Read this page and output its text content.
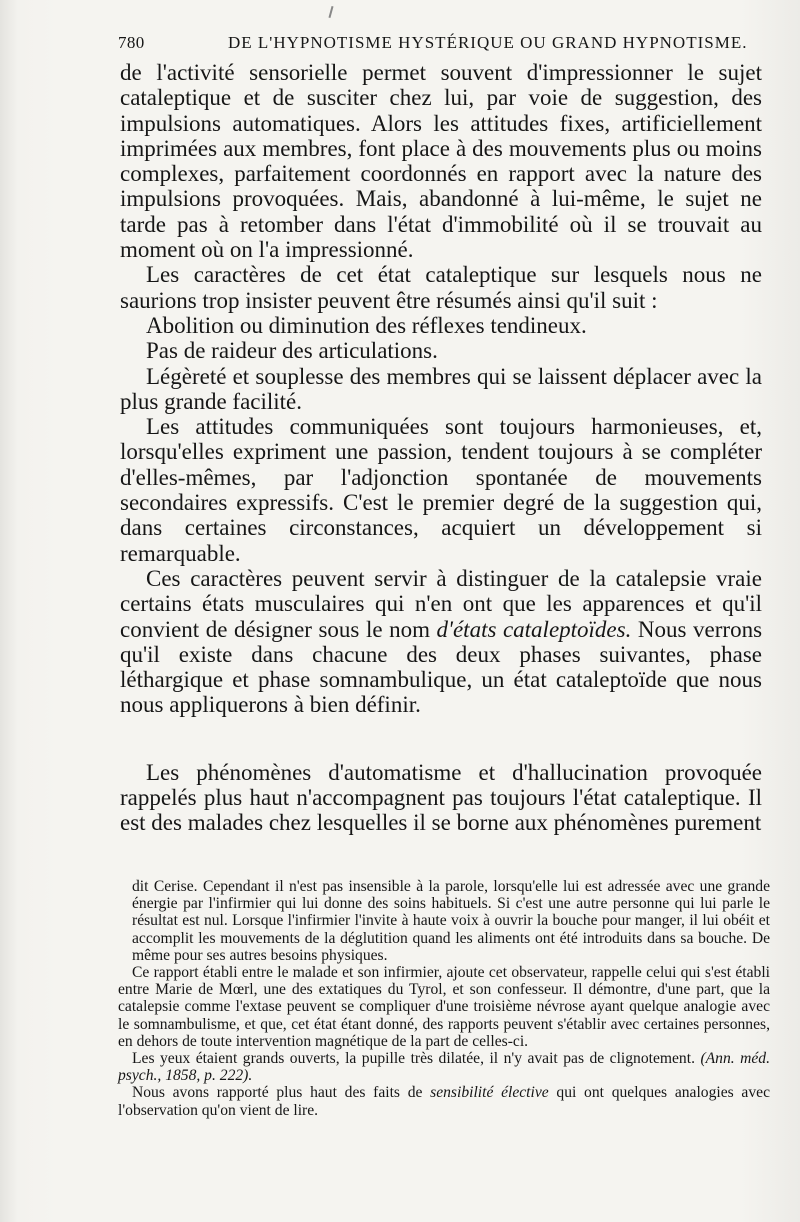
780	DE L'HYPNOTISME HYSTÉRIQUE OU GRAND HYPNOTISME.

de l'activité sensorielle permet souvent d'impressionner le sujet cataleptique et de susciter chez lui, par voie de suggestion, des impulsions automatiques. Alors les attitudes fixes, artificiellement imprimées aux membres, font place à des mouvements plus ou moins complexes, parfaitement coordonnés en rapport avec la nature des impulsions provoquées. Mais, abandonné à lui-même, le sujet ne tarde pas à retomber dans l'état d'immobilité où il se trouvait au moment où on l'a impressionné.

Les caractères de cet état cataleptique sur lesquels nous ne saurions trop insister peuvent être résumés ainsi qu'il suit :

Abolition ou diminution des réflexes tendineux.

Pas de raideur des articulations.

Légèreté et souplesse des membres qui se laissent déplacer avec la plus grande facilité.

Les attitudes communiquées sont toujours harmonieuses, et, lorsqu'elles expriment une passion, tendent toujours à se compléter d'elles-mêmes, par l'adjonction spontanée de mouvements secondaires expressifs. C'est le premier degré de la suggestion qui, dans certaines circonstances, acquiert un développement si remarquable.

Ces caractères peuvent servir à distinguer de la catalepsie vraie certains états musculaires qui n'en ont que les apparences et qu'il convient de désigner sous le nom d'états cataleptoïdes. Nous verrons qu'il existe dans chacune des deux phases suivantes, phase léthargique et phase somnambulique, un état cataleptoïde que nous nous appliquerons à bien définir.

Les phénomènes d'automatisme et d'hallucination provoquée rappelés plus haut n'accompagnent pas toujours l'état cataleptique. Il est des malades chez lesquelles il se borne aux phénomènes purement

dit Cerise. Cependant il n'est pas insensible à la parole, lorsqu'elle lui est adressée avec une grande énergie par l'infirmier qui lui donne des soins habituels. Si c'est une autre personne qui lui parle le résultat est nul. Lorsque l'infirmier l'invite à haute voix à ouvrir la bouche pour manger, il lui obéit et accomplit les mouvements de la déglutition quand les aliments ont été introduits dans sa bouche. De même pour ses autres besoins physiques.

Ce rapport établi entre le malade et son infirmier, ajoute cet observateur, rappelle celui qui s'est établi entre Marie de Mœrl, une des extatiques du Tyrol, et son confesseur. Il démontre, d'une part, que la catalepsie comme l'extase peuvent se compliquer d'une troisième névrose ayant quelque analogie avec le somnambulisme, et que, cet état étant donné, des rapports peuvent s'établir avec certaines personnes, en dehors de toute intervention magnétique de la part de celles-ci.

Les yeux étaient grands ouverts, la pupille très dilatée, il n'y avait pas de clignotement. (Ann. méd. psych., 1858, p. 222).

Nous avons rapporté plus haut des faits de sensibilité élective qui ont quelques analogies avec l'observation qu'on vient de lire.
